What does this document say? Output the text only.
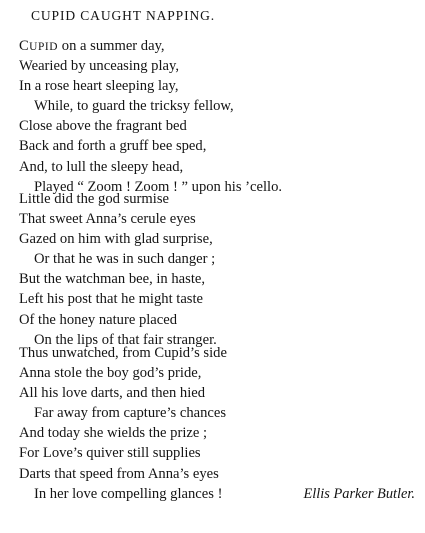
CUPID CAUGHT NAPPING.
CUPID on a summer day,
Wearied by unceasing play,
In a rose heart sleeping lay,
While, to guard the tricksy fellow,
Close above the fragrant bed
Back and forth a gruff bee sped,
And, to lull the sleepy head,
Played “ Zoom ! Zoom ! ” upon his ’cello.
Little did the god surmise
That sweet Anna’s cerule eyes
Gazed on him with glad surprise,
Or that he was in such danger ;
But the watchman bee, in haste,
Left his post that he might taste
Of the honey nature placed
On the lips of that fair stranger.
Thus unwatched, from Cupid’s side
Anna stole the boy god’s pride,
All his love darts, and then hied
Far away from capture’s chances
And today she wields the prize ;
For Love’s quiver still supplies
Darts that speed from Anna’s eyes
In her love compelling glances !	Ellis Parker Butler.
